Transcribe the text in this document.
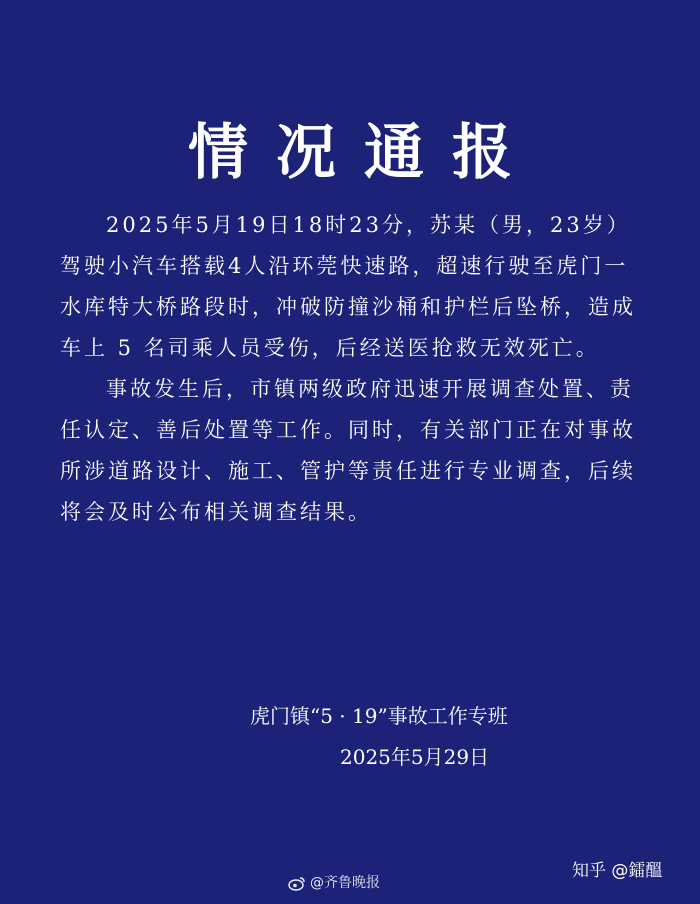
情况通报

2025年5月19日18时23分，苏某（男，23岁）驾驶小汽车搭载4人沿环莞快速路，超速行驶至虎门一水库特大桥路段时，冲破防撞沙桶和护栏后坠桥，造成车上 5 名司乘人员受伤，后经送医抢救无效死亡。

事故发生后，市镇两级政府迅速开展调查处置、责任认定、善后处置等工作。同时，有关部门正在对事故所涉道路设计、施工、管护等责任进行专业调查，后续将会及时公布相关调查结果。

虎门镇“5 · 19”事故工作专班
2025年5月29日
@齐鲁晚报
知乎 @鐳醞
